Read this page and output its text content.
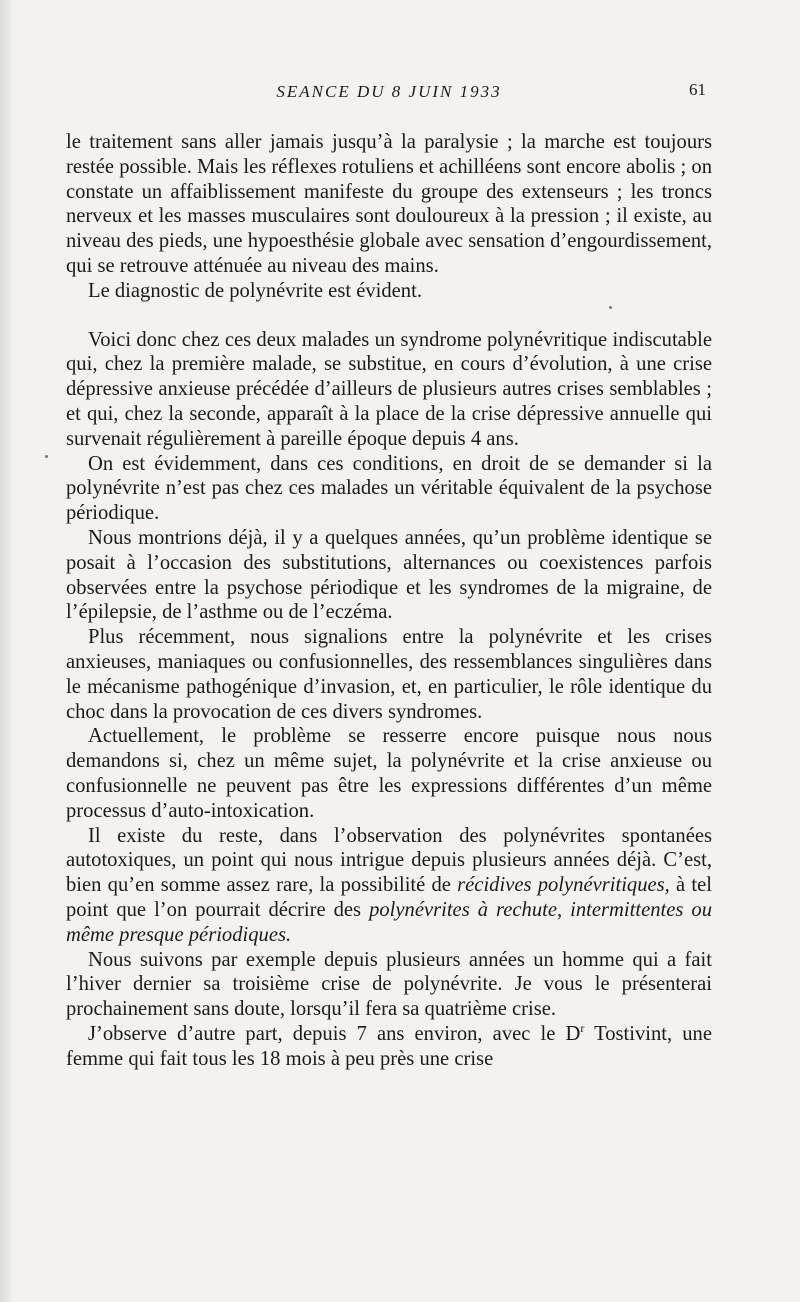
SEANCE DU 8 JUIN 1933	61

le traitement sans aller jamais jusqu’à la paralysie ; la marche est toujours restée possible. Mais les réflexes rotuliens et achilléens sont encore abolis ; on constate un affaiblissement manifeste du groupe des extenseurs ; les troncs nerveux et les masses musculaires sont douloureux à la pression ; il existe, au niveau des pieds, une hypoesthésie globale avec sensation d’engourdissement, qui se retrouve atténuée au niveau des mains.

Le diagnostic de polynévrite est évident.

Voici donc chez ces deux malades un syndrome polynévritique indiscutable qui, chez la première malade, se substitue, en cours d’évolution, à une crise dépressive anxieuse précédée d’ailleurs de plusieurs autres crises semblables ; et qui, chez la seconde, apparaît à la place de la crise dépressive annuelle qui survenait régulièrement à pareille époque depuis 4 ans.

On est évidemment, dans ces conditions, en droit de se demander si la polynévrite n’est pas chez ces malades un véritable équivalent de la psychose périodique.

Nous montrions déjà, il y a quelques années, qu’un problème identique se posait à l’occasion des substitutions, alternances ou coexistences parfois observées entre la psychose périodique et les syndromes de la migraine, de l’épilepsie, de l’asthme ou de l’eczéma.

Plus récemment, nous signalions entre la polynévrite et les crises anxieuses, maniaques ou confusionnelles, des ressemblances singulières dans le mécanisme pathogénique d’invasion, et, en particulier, le rôle identique du choc dans la provocation de ces divers syndromes.

Actuellement, le problème se resserre encore puisque nous nous demandons si, chez un même sujet, la polynévrite et la crise anxieuse ou confusionnelle ne peuvent pas être les expressions différentes d’un même processus d’auto-intoxication.

Il existe du reste, dans l’observation des polynévrites spontanées autotoxiques, un point qui nous intrigue depuis plusieurs années déjà. C’est, bien qu’en somme assez rare, la possibilité de récidives polynévritiques, à tel point que l’on pourrait décrire des polynévrites à rechute, intermittentes ou même presque périodiques.

Nous suivons par exemple depuis plusieurs années un homme qui a fait l’hiver dernier sa troisième crise de polynévrite. Je vous le présenterai prochainement sans doute, lorsqu’il fera sa quatrième crise.

J’observe d’autre part, depuis 7 ans environ, avec le $D^r$ Tostivint, une femme qui fait tous les 18 mois à peu près une crise
